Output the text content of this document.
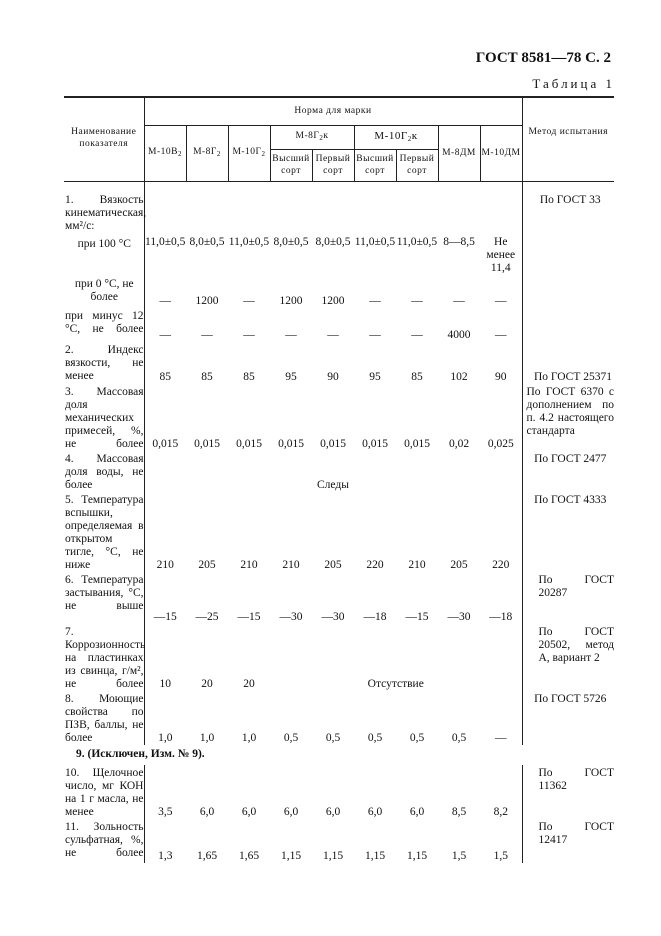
ГОСТ 8581—78 С. 2
Таблица 1
Наименование показателя	Норма для марки									Метод испытания
	$М-10В_2$	$М-8Г_2$	$М-10Г_2$	$М-8Г_2к$		$М-10Г_2к$		М-8ДМ	М-10ДМ	
				Высший сорт	Первый сорт	Высший сорт	Первый сорт			

1. Вязкость кинематическая, мм²/с:										По ГОСТ 33
при 100 °С	11,0±0,5	8,0±0,5	11,0±0,5	8,0±0,5	8,0±0,5	11,0±0,5	11,0±0,5	8—8,5	Не менее 11,4	
при 0 °С, не более	—	1200	—	1200	1200	—	—	—	—	
при минус 12 °С, не более	—	—	—	—	—	—	—	4000	—	
2. Индекс вязкости, не менее	85	85	85	95	90	95	85	102	90	По ГОСТ 25371
3. Массовая доля механических примесей, %, не более	0,015	0,015	0,015	0,015	0,015	0,015	0,015	0,02	0,025	По ГОСТ 6370 с дополнением по п. 4.2 настоящего стандарта
4. Массовая доля воды, не более	Следы									По ГОСТ 2477
5. Температура вспышки, определяемая в открытом тигле, °С, не ниже	210	205	210	210	205	220	210	205	220	По ГОСТ 4333
6. Температура застывания, °С, не выше	—15	—25	—15	—30	—30	—18	—15	—30	—18	По ГОСТ 20287
7. Коррозионность на пластинках из свинца, г/м², не более	10	20	20	Отсутствие						По ГОСТ 20502, метод А, вариант 2
8. Моющие свойства по ПЗВ, баллы, не более	1,0	1,0	1,0	0,5	0,5	0,5	0,5	0,5	—	По ГОСТ 5726
9. (Исключен, Изм. № 9).										
10. Щелочное число, мг КОН на 1 г масла, не менее	3,5	6,0	6,0	6,0	6,0	6,0	6,0	8,5	8,2	По ГОСТ 11362
11. Зольность сульфатная, %, не более	1,3	1,65	1,65	1,15	1,15	1,15	1,15	1,5	1,5	По ГОСТ 12417
